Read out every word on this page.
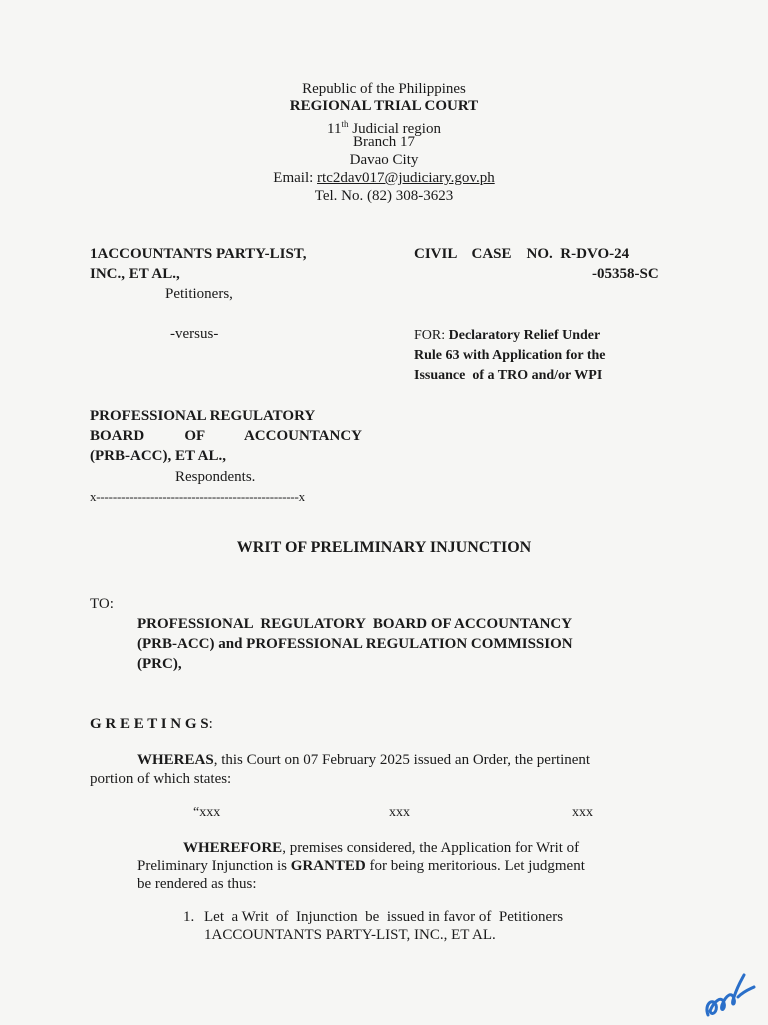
Republic of the Philippines
REGIONAL TRIAL COURT
11th Judicial region
Branch 17
Davao City
Email: rtc2dav017@judiciary.gov.ph
Tel. No. (82) 308-3623
1ACCOUNTANTS PARTY-LIST,
INC., ET AL.,
Petitioners,
-versus-
PROFESSIONAL REGULATORY
BOARD OF ACCOUNTANCY
(PRB-ACC), ET AL.,
Respondents.
x-------------------------------------------------x
CIVIL    CASE    NO.  R-DVO-24
-05358-SC
FOR: Declaratory Relief Under
Rule 63 with Application for the
Issuance  of a TRO and/or WPI
WRIT OF PRELIMINARY INJUNCTION
TO:
PROFESSIONAL  REGULATORY  BOARD OF ACCOUNTANCY
(PRB-ACC) and PROFESSIONAL REGULATION COMMISSION
(PRC),
G R E E T I N G S:
WHEREAS, this Court on 07 February 2025 issued an Order, the pertinent
portion of which states:
“xxx	xxx	xxx
WHEREFORE, premises considered, the Application for Writ of
Preliminary Injunction is GRANTED for being meritorious. Let judgment
be rendered as thus:
1. Let  a Writ  of  Injunction  be  issued in favor of  Petitioners
1ACCOUNTANTS PARTY-LIST, INC., ET AL.
